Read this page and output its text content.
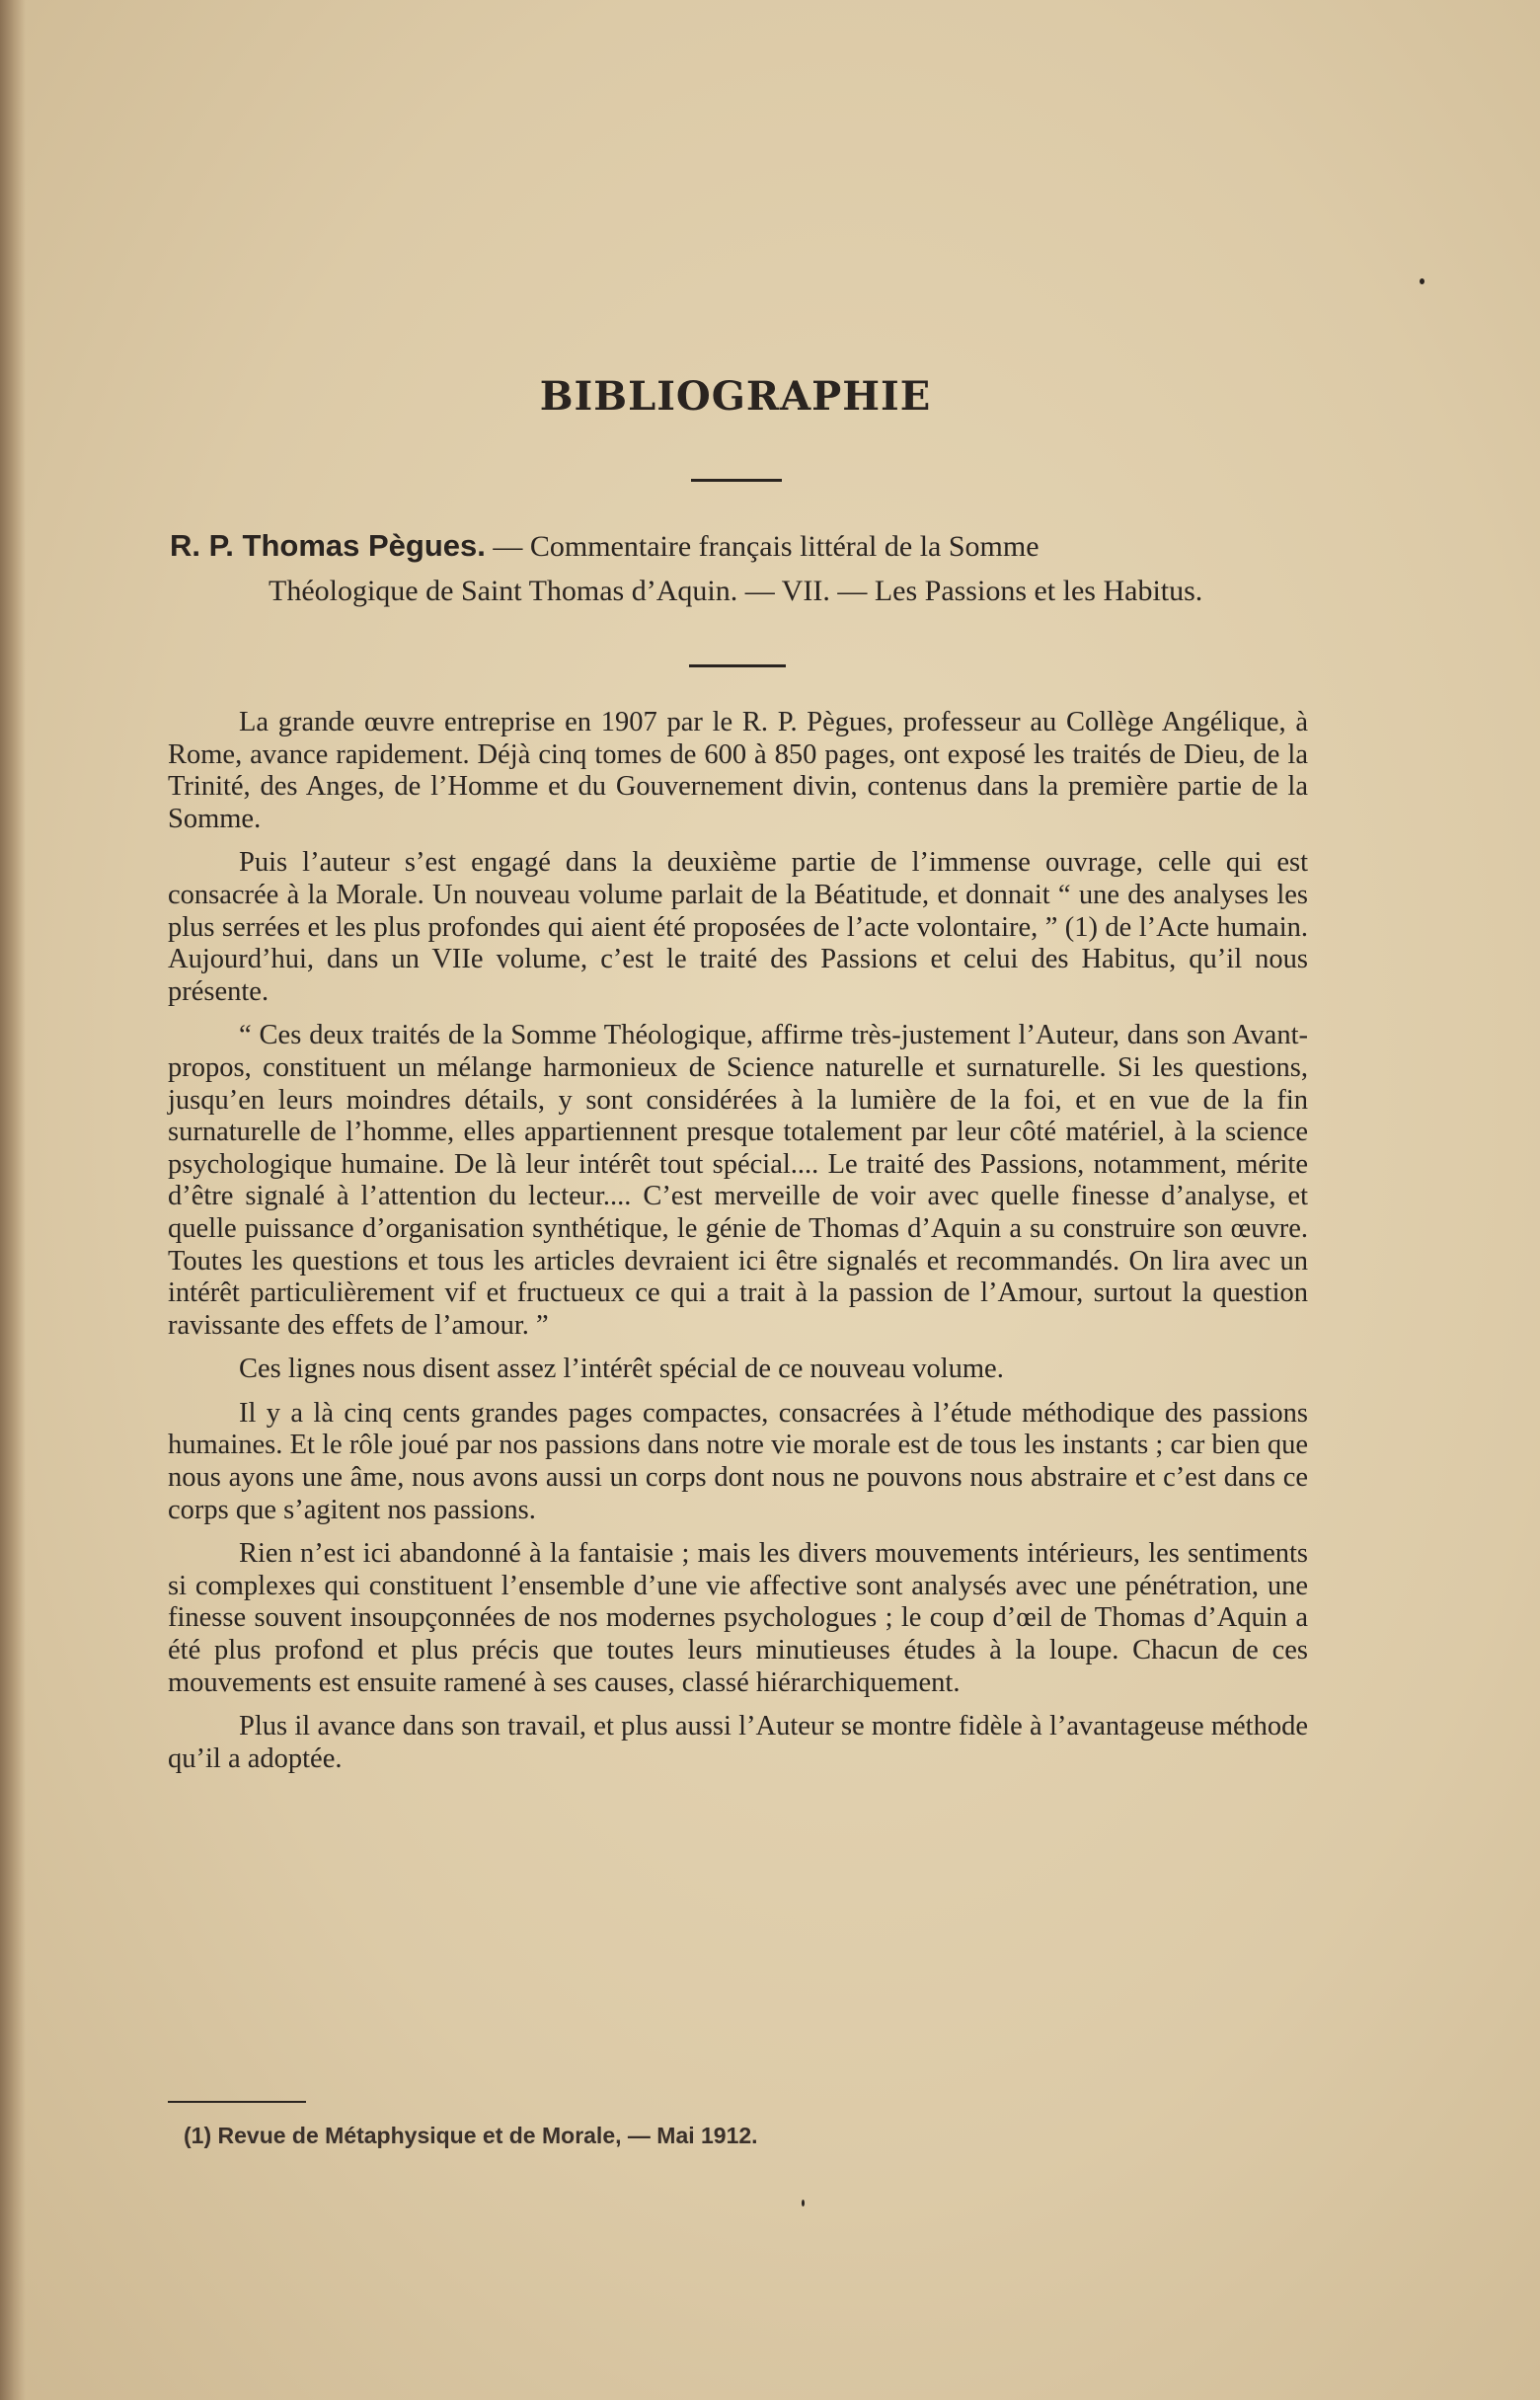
BIBLIOGRAPHIE
R. P. Thomas Pègues. — Commentaire français littéral de la Somme
Théologique de Saint Thomas d’Aquin. — VII. — Les Passions et les Habitus.

La grande œuvre entreprise en 1907 par le R. P. Pègues, professeur au Collège Angélique, à Rome, avance rapidement. Déjà cinq tomes de 600 à 850 pages, ont exposé les traités de Dieu, de la Trinité, des Anges, de l’Homme et du Gouvernement divin, contenus dans la première partie de la Somme.

Puis l’auteur s’est engagé dans la deuxième partie de l’immense ouvrage, celle qui est consacrée à la Morale. Un nouveau volume parlait de la Béatitude, et donnait “ une des analyses les plus serrées et les plus profondes qui aient été proposées de l’acte volontaire, ” (1) de l’Acte humain. Aujourd’hui, dans un VIIe volume, c’est le traité des Passions et celui des Habitus, qu’il nous présente.

“ Ces deux traités de la Somme Théologique, affirme très-justement l’Auteur, dans son Avant-propos, constituent un mélange harmonieux de Science naturelle et surnaturelle. Si les questions, jusqu’en leurs moindres détails, y sont considérées à la lumière de la foi, et en vue de la fin surnaturelle de l’homme, elles appartiennent presque totalement par leur côté matériel, à la science psychologique humaine. De là leur intérêt tout spécial.... Le traité des Passions, notamment, mérite d’être signalé à l’attention du lecteur.... C’est merveille de voir avec quelle finesse d’analyse, et quelle puissance d’organisation synthétique, le génie de Thomas d’Aquin a su construire son œuvre. Toutes les questions et tous les articles devraient ici être signalés et recommandés. On lira avec un intérêt particulièrement vif et fructueux ce qui a trait à la passion de l’Amour, surtout la question ravissante des effets de l’amour. ”

Ces lignes nous disent assez l’intérêt spécial de ce nouveau volume.

Il y a là cinq cents grandes pages compactes, consacrées à l’étude méthodique des passions humaines. Et le rôle joué par nos passions dans notre vie morale est de tous les instants ; car bien que nous ayons une âme, nous avons aussi un corps dont nous ne pouvons nous abstraire et c’est dans ce corps que s’agitent nos passions.

Rien n’est ici abandonné à la fantaisie ; mais les divers mouvements intérieurs, les sentiments si complexes qui constituent l’ensemble d’une vie affective sont analysés avec une pénétration, une finesse souvent insoupçonnées de nos modernes psychologues ; le coup d’œil de Thomas d’Aquin a été plus profond et plus précis que toutes leurs minutieuses études à la loupe. Chacun de ces mouvements est ensuite ramené à ses causes, classé hiérarchiquement.

Plus il avance dans son travail, et plus aussi l’Auteur se montre fidèle à l’avantageuse méthode qu’il a adoptée.

(1) Revue de Métaphysique et de Morale, — Mai 1912.
